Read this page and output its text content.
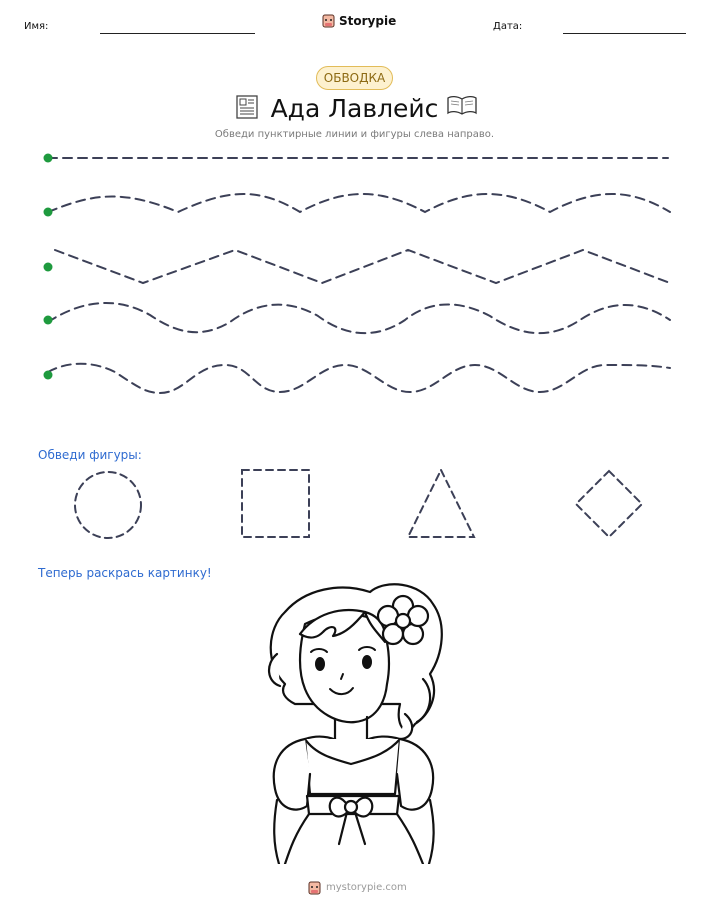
Имя:	Storypie	Дата:
ОБВОДКА
Ада Лавлейс
Обведи пунктирные линии и фигуры слева направо.
Обведи фигуры:
Теперь раскрась картинку!
mystorypie.com
